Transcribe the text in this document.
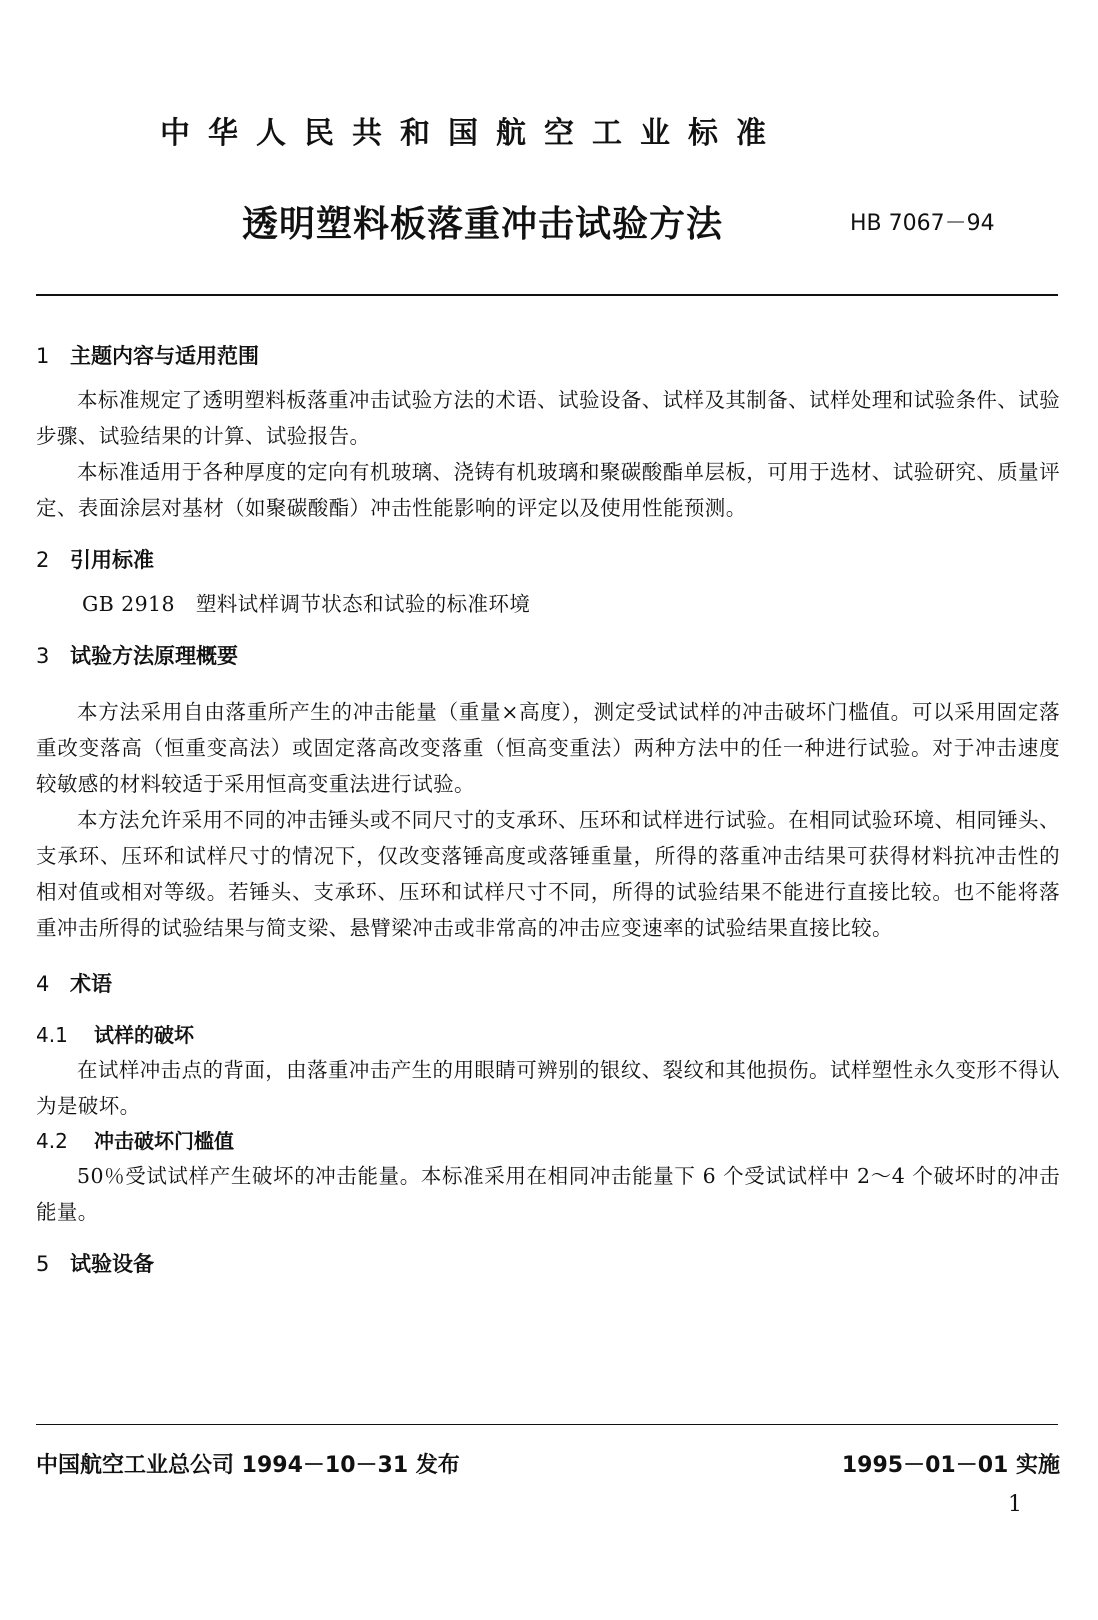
中华人民共和国航空工业标准
透明塑料板落重冲击试验方法	HB 7067－94
1 主题内容与适用范围

本标准规定了透明塑料板落重冲击试验方法的术语、试验设备、试样及其制备、试样处理和试验条件、试验步骤、试验结果的计算、试验报告。

本标准适用于各种厚度的定向有机玻璃、浇铸有机玻璃和聚碳酸酯单层板，可用于选材、试验研究、质量评定、表面涂层对基材（如聚碳酸酯）冲击性能影响的评定以及使用性能预测。

2 引用标准

GB 2918　塑料试样调节状态和试验的标准环境

3 试验方法原理概要

本方法采用自由落重所产生的冲击能量（重量×高度），测定受试试样的冲击破坏门槛值。可以采用固定落重改变落高（恒重变高法）或固定落高改变落重（恒高变重法）两种方法中的任一种进行试验。对于冲击速度较敏感的材料较适于采用恒高变重法进行试验。

本方法允许采用不同的冲击锤头或不同尺寸的支承环、压环和试样进行试验。在相同试验环境、相同锤头、支承环、压环和试样尺寸的情况下，仅改变落锤高度或落锤重量，所得的落重冲击结果可获得材料抗冲击性的相对值或相对等级。若锤头、支承环、压环和试样尺寸不同，所得的试验结果不能进行直接比较。也不能将落重冲击所得的试验结果与简支梁、悬臂梁冲击或非常高的冲击应变速率的试验结果直接比较。

4 术语
4.1 试样的破坏

在试样冲击点的背面，由落重冲击产生的用眼睛可辨别的银纹、裂纹和其他损伤。试样塑性永久变形不得认为是破坏。

4.2 冲击破坏门槛值

50％受试试样产生破坏的冲击能量。本标准采用在相同冲击能量下 6 个受试试样中 2～4 个破坏时的冲击能量。

5 试验设备
中国航空工业总公司 1994－10－31 发布	1995－01－01 实施
1
